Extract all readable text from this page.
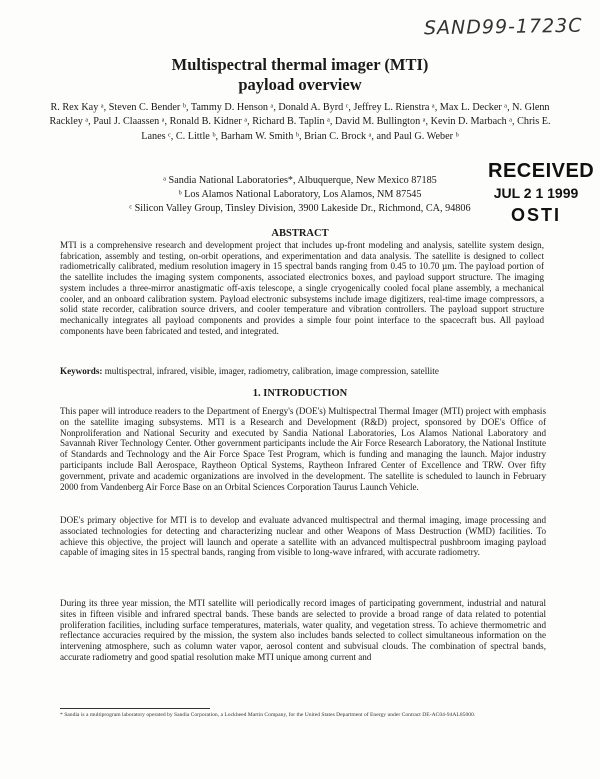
SAND99-1723C
Multispectral thermal imager (MTI)
payload overview
R. Rex Kay ᵃ, Steven C. Bender ᵇ, Tammy D. Henson ᵃ, Donald A. Byrd ᶜ, Jeffrey L. Rienstra ᵃ, Max L. Decker ᵃ, N. Glenn Rackley ᵃ, Paul J. Claassen ᵃ, Ronald B. Kidner ᵃ, Richard B. Taplin ᵃ, David M. Bullington ᵃ, Kevin D. Marbach ᵃ, Chris E. Lanes ᶜ, C. Little ᵇ, Barham W. Smith ᵇ, Brian C. Brock ᵃ, and Paul G. Weber ᵇ
ᵃ Sandia National Laboratories*, Albuquerque, New Mexico 87185
ᵇ Los Alamos National Laboratory, Los Alamos, NM 87545
ᶜ Silicon Valley Group, Tinsley Division, 3900 Lakeside Dr., Richmond, CA, 94806
RECEIVED
JUL 2 1 1999
OSTI
ABSTRACT
MTI is a comprehensive research and development project that includes up-front modeling and analysis, satellite system design, fabrication, assembly and testing, on-orbit operations, and experimentation and data analysis. The satellite is designed to collect radiometrically calibrated, medium resolution imagery in 15 spectral bands ranging from 0.45 to 10.70 µm. The payload portion of the satellite includes the imaging system components, associated electronics boxes, and payload support structure. The imaging system includes a three-mirror anastigmatic off-axis telescope, a single cryogenically cooled focal plane assembly, a mechanical cooler, and an onboard calibration system. Payload electronic subsystems include image digitizers, real-time image compressors, a solid state recorder, calibration source drivers, and cooler temperature and vibration controllers. The payload support structure mechanically integrates all payload components and provides a simple four point interface to the spacecraft bus. All payload components have been fabricated and tested, and integrated.
Keywords: multispectral, infrared, visible, imager, radiometry, calibration, image compression, satellite
1. INTRODUCTION

This paper will introduce readers to the Department of Energy's (DOE's) Multispectral Thermal Imager (MTI) project with emphasis on the satellite imaging subsystems. MTI is a Research and Development (R&D) project, sponsored by DOE's Office of Nonproliferation and National Security and executed by Sandia National Laboratories, Los Alamos National Laboratory and Savannah River Technology Center. Other government participants include the Air Force Research Laboratory, the National Institute of Standards and Technology and the Air Force Space Test Program, which is funding and managing the launch. Major industry participants include Ball Aerospace, Raytheon Optical Systems, Raytheon Infrared Center of Excellence and TRW. Over fifty government, private and academic organizations are involved in the development. The satellite is scheduled to launch in February 2000 from Vandenberg Air Force Base on an Orbital Sciences Corporation Taurus Launch Vehicle.

DOE's primary objective for MTI is to develop and evaluate advanced multispectral and thermal imaging, image processing and associated technologies for detecting and characterizing nuclear and other Weapons of Mass Destruction (WMD) facilities. To achieve this objective, the project will launch and operate a satellite with an advanced multispectral pushbroom imaging payload capable of imaging sites in 15 spectral bands, ranging from visible to long-wave infrared, with accurate radiometry.

During its three year mission, the MTI satellite will periodically record images of participating government, industrial and natural sites in fifteen visible and infrared spectral bands. These bands are selected to provide a broad range of data related to potential proliferation facilities, including surface temperatures, materials, water quality, and vegetation stress. To achieve thermometric and reflectance accuracies required by the mission, the system also includes bands selected to collect simultaneous information on the intervening atmosphere, such as column water vapor, aerosol content and subvisual clouds. The combination of spectral bands, accurate radiometry and good spatial resolution make MTI unique among current and

* Sandia is a multiprogram laboratory operated by Sandia Corporation, a Lockheed Martin Company, for the United States Department of Energy under Contract DE-AC04-94AL85000.
